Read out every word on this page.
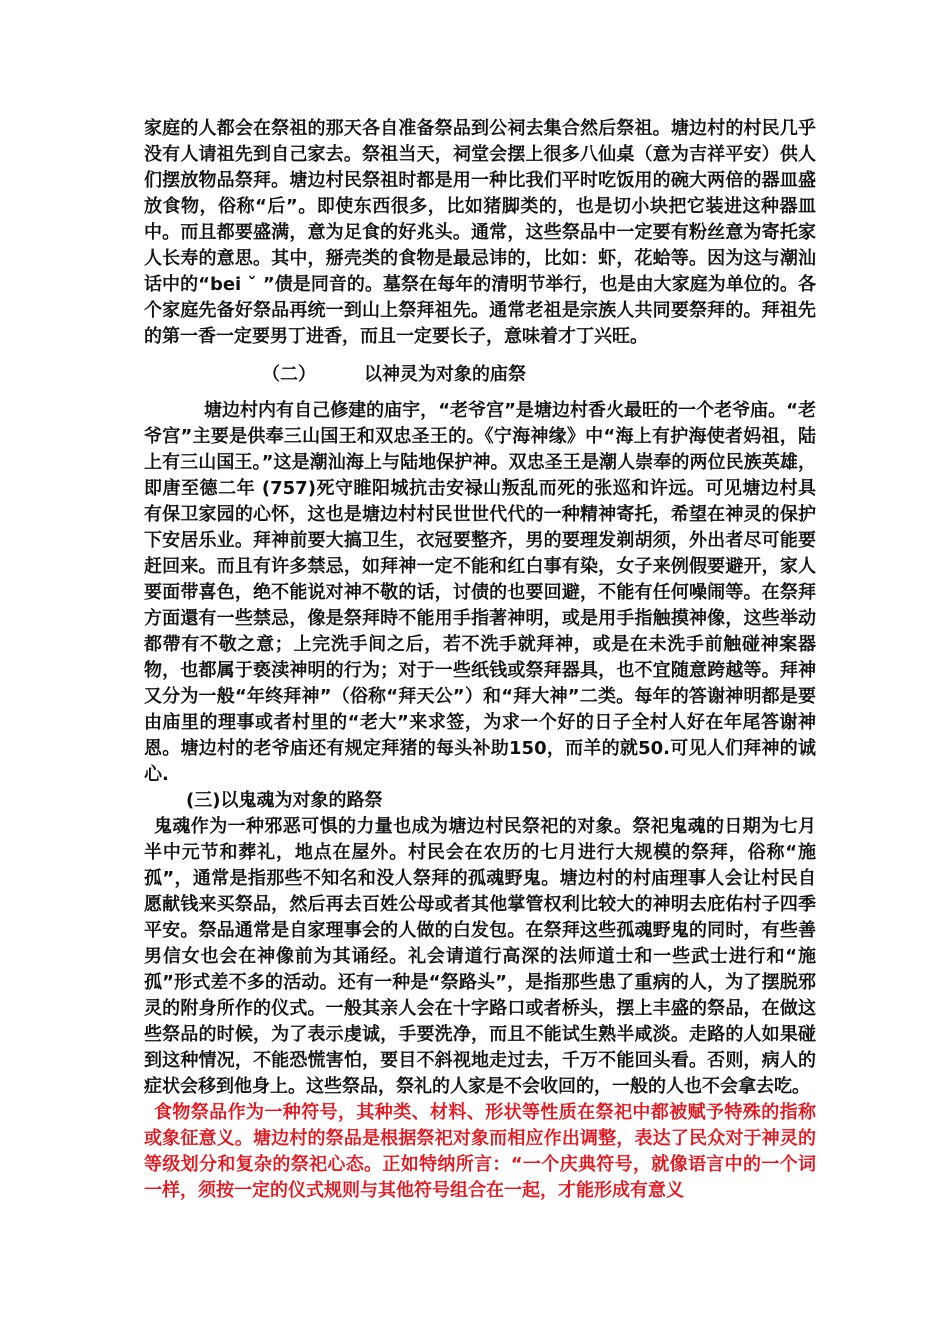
家庭的人都会在祭祖的那天各自准备祭品到公祠去集合然后祭祖。塘边村的村民几乎没有人请祖先到自己家去。祭祖当天，祠堂会摆上很多八仙桌（意为吉祥平安）供人们摆放物品祭拜。塘边村民祭祖时都是用一种比我们平时吃饭用的碗大两倍的器皿盛放食物，俗称“后”。即使东西很多，比如猪脚类的，也是切小块把它装进这种器皿中。而且都要盛满，意为足食的好兆头。通常，这些祭品中一定要有粉丝意为寄托家人长寿的意思。其中，掰壳类的食物是最忌讳的，比如：虾，花蛤等。因为这与潮汕话中的“bei ˇ ”债是同音的。墓祭在每年的清明节举行，也是由大家庭为单位的。各个家庭先备好祭品再统一到山上祭拜祖先。通常老祖是宗族人共同要祭拜的。拜祖先的第一香一定要男丁进香，而且一定要长子，意味着才丁兴旺。

（二）	以神灵为对象的庙祭

塘边村内有自己修建的庙宇，“老爷宫”是塘边村香火最旺的一个老爷庙。“老爷宫”主要是供奉三山国王和双忠圣王的。《宁海神缘》中“海上有护海使者妈祖，陆上有三山国王。”这是潮汕海上与陆地保护神。双忠圣王是潮人崇奉的两位民族英雄，即唐至德二年 (757)死守睢阳城抗击安禄山叛乱而死的张巡和许远。可见塘边村具有保卫家园的心怀，这也是塘边村村民世世代代的一种精神寄托，希望在神灵的保护下安居乐业。拜神前要大搞卫生，衣冠要整齐，男的要理发剃胡须，外出者尽可能要赶回来。而且有许多禁忌，如拜神一定不能和红白事有染，女子来例假要避开，家人要面带喜色，绝不能说对神不敬的话，讨债的也要回避，不能有任何噪闹等。在祭拜方面還有一些禁忌，像是祭拜時不能用手指著神明，或是用手指触摸神像，这些举动都帶有不敬之意；上完洗手间之后，若不洗手就拜神，或是在未洗手前触碰神案器物，也都属于亵渎神明的行为；对于一些纸钱或祭拜器具，也不宜随意跨越等。拜神又分为一般“年终拜神”（俗称“拜天公”）和“拜大神”二类。每年的答谢神明都是要由庙里的理事或者村里的“老大”来求签，为求一个好的日子全村人好在年尾答谢神恩。塘边村的老爷庙还有规定拜猪的每头补助150，而羊的就50.可见人们拜神的诚心.

(三)以鬼魂为对象的路祭

鬼魂作为一种邪恶可惧的力量也成为塘边村民祭祀的对象。祭祀鬼魂的日期为七月半中元节和葬礼，地点在屋外。村民会在农历的七月进行大规模的祭拜，俗称“施孤”，通常是指那些不知名和没人祭拜的孤魂野鬼。塘边村的村庙理事人会让村民自愿献钱来买祭品，然后再去百姓公母或者其他掌管权利比较大的神明去庇佑村子四季平安。祭品通常是自家理事会的人做的白发包。在祭拜这些孤魂野鬼的同时，有些善男信女也会在神像前为其诵经。礼会请道行高深的法师道士和一些武士进行和“施孤”形式差不多的活动。还有一种是“祭路头”，是指那些患了重病的人，为了摆脱邪灵的附身所作的仪式。一般其亲人会在十字路口或者桥头，摆上丰盛的祭品，在做这些祭品的时候，为了表示虔诚，手要洗净，而且不能试生熟半咸淡。走路的人如果碰到这种情况，不能恐慌害怕，要目不斜视地走过去，千万不能回头看。否则，病人的症状会移到他身上。这些祭品，祭礼的人家是不会收回的，一般的人也不会拿去吃。

食物祭品作为一种符号，其种类、材料、形状等性质在祭祀中都被赋予特殊的指称或象征意义。塘边村的祭品是根据祭祀对象而相应作出调整，表达了民众对于神灵的等级划分和复杂的祭祀心态。正如特纳所言：“一个庆典符号，就像语言中的一个词一样，须按一定的仪式规则与其他符号组合在一起，才能形成有意义
